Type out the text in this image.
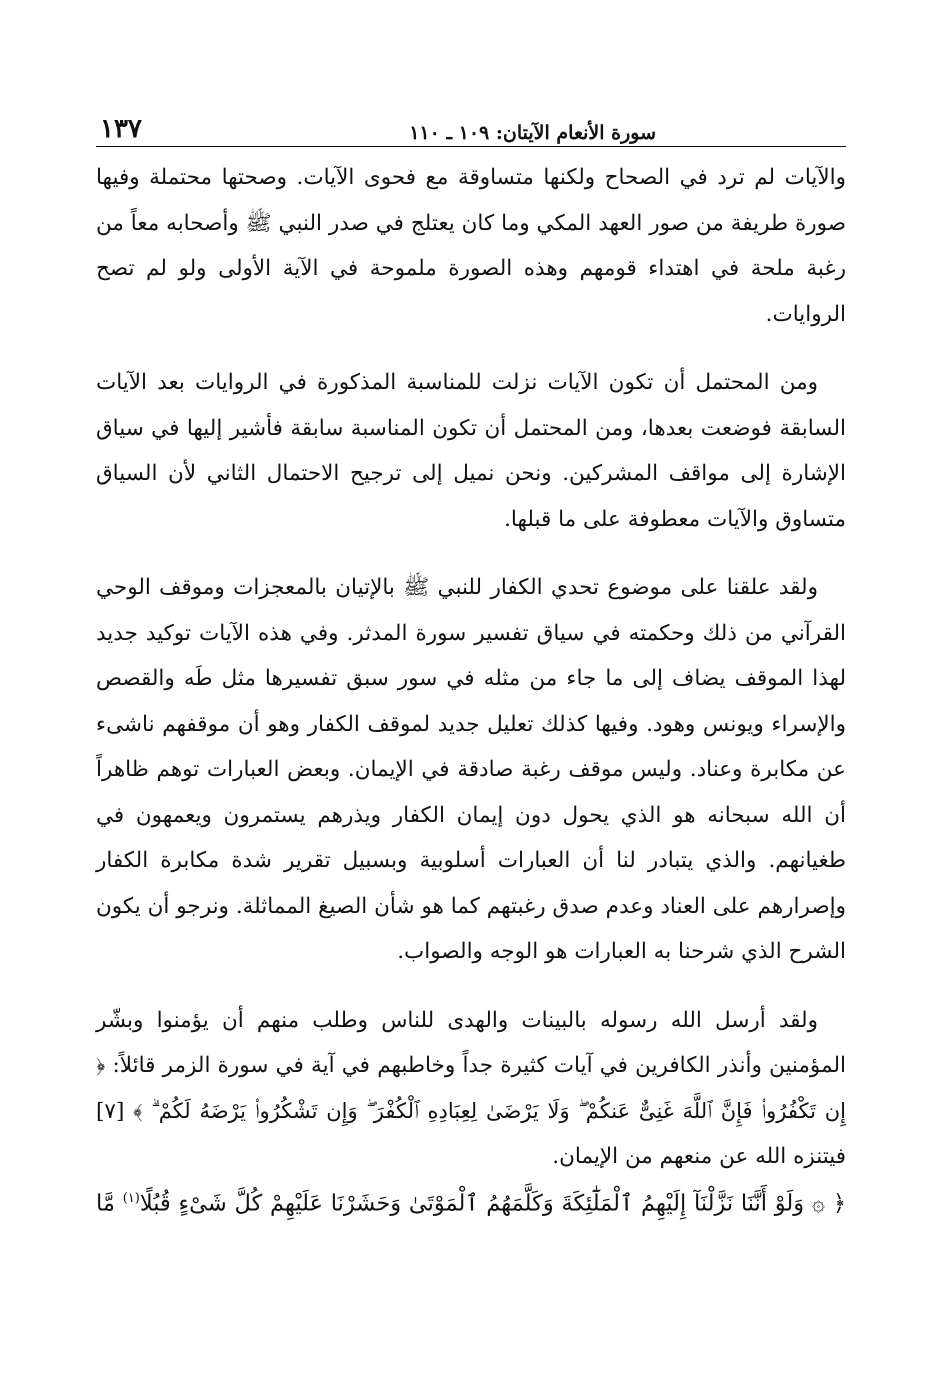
سورة الأنعام الآيتان: ١٠٩ ـ ١١٠
١٣٧

والآيات لم ترد في الصحاح ولكنها متساوقة مع فحوى الآيات. وصحتها محتملة وفيها صورة طريفة من صور العهد المكي وما كان يعتلج في صدر النبي ﷺ وأصحابه معاً من رغبة ملحة في اهتداء قومهم وهذه الصورة ملموحة في الآية الأولى ولو لم تصح الروايات.

ومن المحتمل أن تكون الآيات نزلت للمناسبة المذكورة في الروايات بعد الآيات السابقة فوضعت بعدها، ومن المحتمل أن تكون المناسبة سابقة فأشير إليها في سياق الإشارة إلى مواقف المشركين. ونحن نميل إلى ترجيح الاحتمال الثاني لأن السياق متساوق والآيات معطوفة على ما قبلها.

ولقد علقنا على موضوع تحدي الكفار للنبي ﷺ بالإتيان بالمعجزات وموقف الوحي القرآني من ذلك وحكمته في سياق تفسير سورة المدثر. وفي هذه الآيات توكيد جديد لهذا الموقف يضاف إلى ما جاء من مثله في سور سبق تفسيرها مثل طَه والقصص والإسراء ويونس وهود. وفيها كذلك تعليل جديد لموقف الكفار وهو أن موقفهم ناشىء عن مكابرة وعناد. وليس موقف رغبة صادقة في الإيمان. وبعض العبارات توهم ظاهراً أن الله سبحانه هو الذي يحول دون إيمان الكفار ويذرهم يستمرون ويعمهون في طغيانهم. والذي يتبادر لنا أن العبارات أسلوبية وبسبيل تقرير شدة مكابرة الكفار وإصرارهم على العناد وعدم صدق رغبتهم كما هو شأن الصيغ المماثلة. ونرجو أن يكون الشرح الذي شرحنا به العبارات هو الوجه والصواب.

ولقد أرسل الله رسوله بالبينات والهدى للناس وطلب منهم أن يؤمنوا وبشّر المؤمنين وأنذر الكافرين في آيات كثيرة جداً وخاطبهم في آية في سورة الزمر قائلاً: ﴿ إِن تَكْفُرُوا۟ فَإِنَّ ٱللَّهَ غَنِىٌّ عَنكُمْ ۖ وَلَا يَرْضَىٰ لِعِبَادِهِ ٱلْكُفْرَ ۖ وَإِن تَشْكُرُوا۟ يَرْضَهُ لَكُمْ ۗ ﴾ [٧] فيتنزه الله عن منعهم من الإيمان.

﴿ ۞ وَلَوْ أَنَّنَا نَزَّلْنَآ إِلَيْهِمُ ٱلْمَلَٰٓئِكَةَ وَكَلَّمَهُمُ ٱلْمَوْتَىٰ وَحَشَرْنَا عَلَيْهِمْ كُلَّ شَىْءٍ قُبُلًا$^{(١)}$ مَّا
